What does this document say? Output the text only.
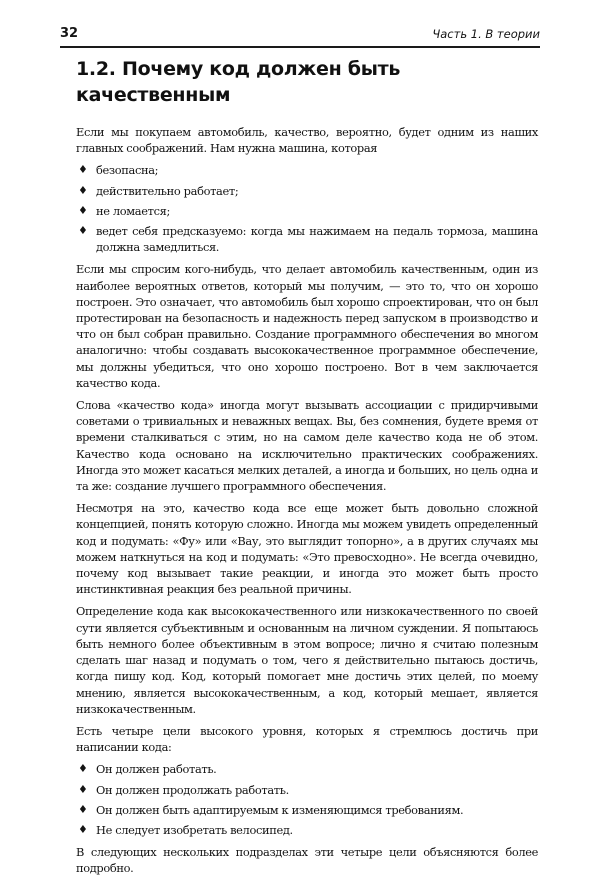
32	Часть 1. В теории
1.2. Почему код должен быть качественным

Если мы покупаем автомобиль, качество, вероятно, будет одним из наших главных соображений. Нам нужна машина, которая

♦ безопасна;
♦ действительно работает;
♦ не ломается;
♦ ведет себя предсказуемо: когда мы нажимаем на педаль тормоза, машина должна замедлиться.

Если мы спросим кого-нибудь, что делает автомобиль качественным, один из наиболее вероятных ответов, который мы получим, — это то, что он хорошо построен. Это означает, что автомобиль был хорошо спроектирован, что он был протестирован на безопасность и надежность перед запуском в производство и что он был собран правильно. Создание программного обеспечения во многом аналогично: чтобы создавать высококачественное программное обеспечение, мы должны убедиться, что оно хорошо построено. Вот в чем заключается качество кода.

Слова «качество кода» иногда могут вызывать ассоциации с придирчивыми советами о тривиальных и неважных вещах. Вы, без сомнения, будете время от времени сталкиваться с этим, но на самом деле качество кода не об этом. Качество кода основано на исключительно практических соображениях. Иногда это может касаться мелких деталей, а иногда и больших, но цель одна и та же: создание лучшего программного обеспечения.

Несмотря на это, качество кода все еще может быть довольно сложной концепцией, понять которую сложно. Иногда мы можем увидеть определенный код и подумать: «Фу» или «Вау, это выглядит топорно», а в других случаях мы можем наткнуться на код и подумать: «Это превосходно». Не всегда очевидно, почему код вызывает такие реакции, и иногда это может быть просто инстинктивная реакция без реальной причины.

Определение кода как высококачественного или низкокачественного по своей сути является субъективным и основанным на личном суждении. Я попытаюсь быть немного более объективным в этом вопросе; лично я считаю полезным сделать шаг назад и подумать о том, чего я действительно пытаюсь достичь, когда пишу код. Код, который помогает мне достичь этих целей, по моему мнению, является высококачественным, а код, который мешает, является низкокачественным.

Есть четыре цели высокого уровня, которых я стремлюсь достичь при написании кода:

♦ Он должен работать.
♦ Он должен продолжать работать.
♦ Он должен быть адаптируемым к изменяющимся требованиям.
♦ Не следует изобретать велосипед.

В следующих нескольких подразделах эти четыре цели объясняются более подробно.
